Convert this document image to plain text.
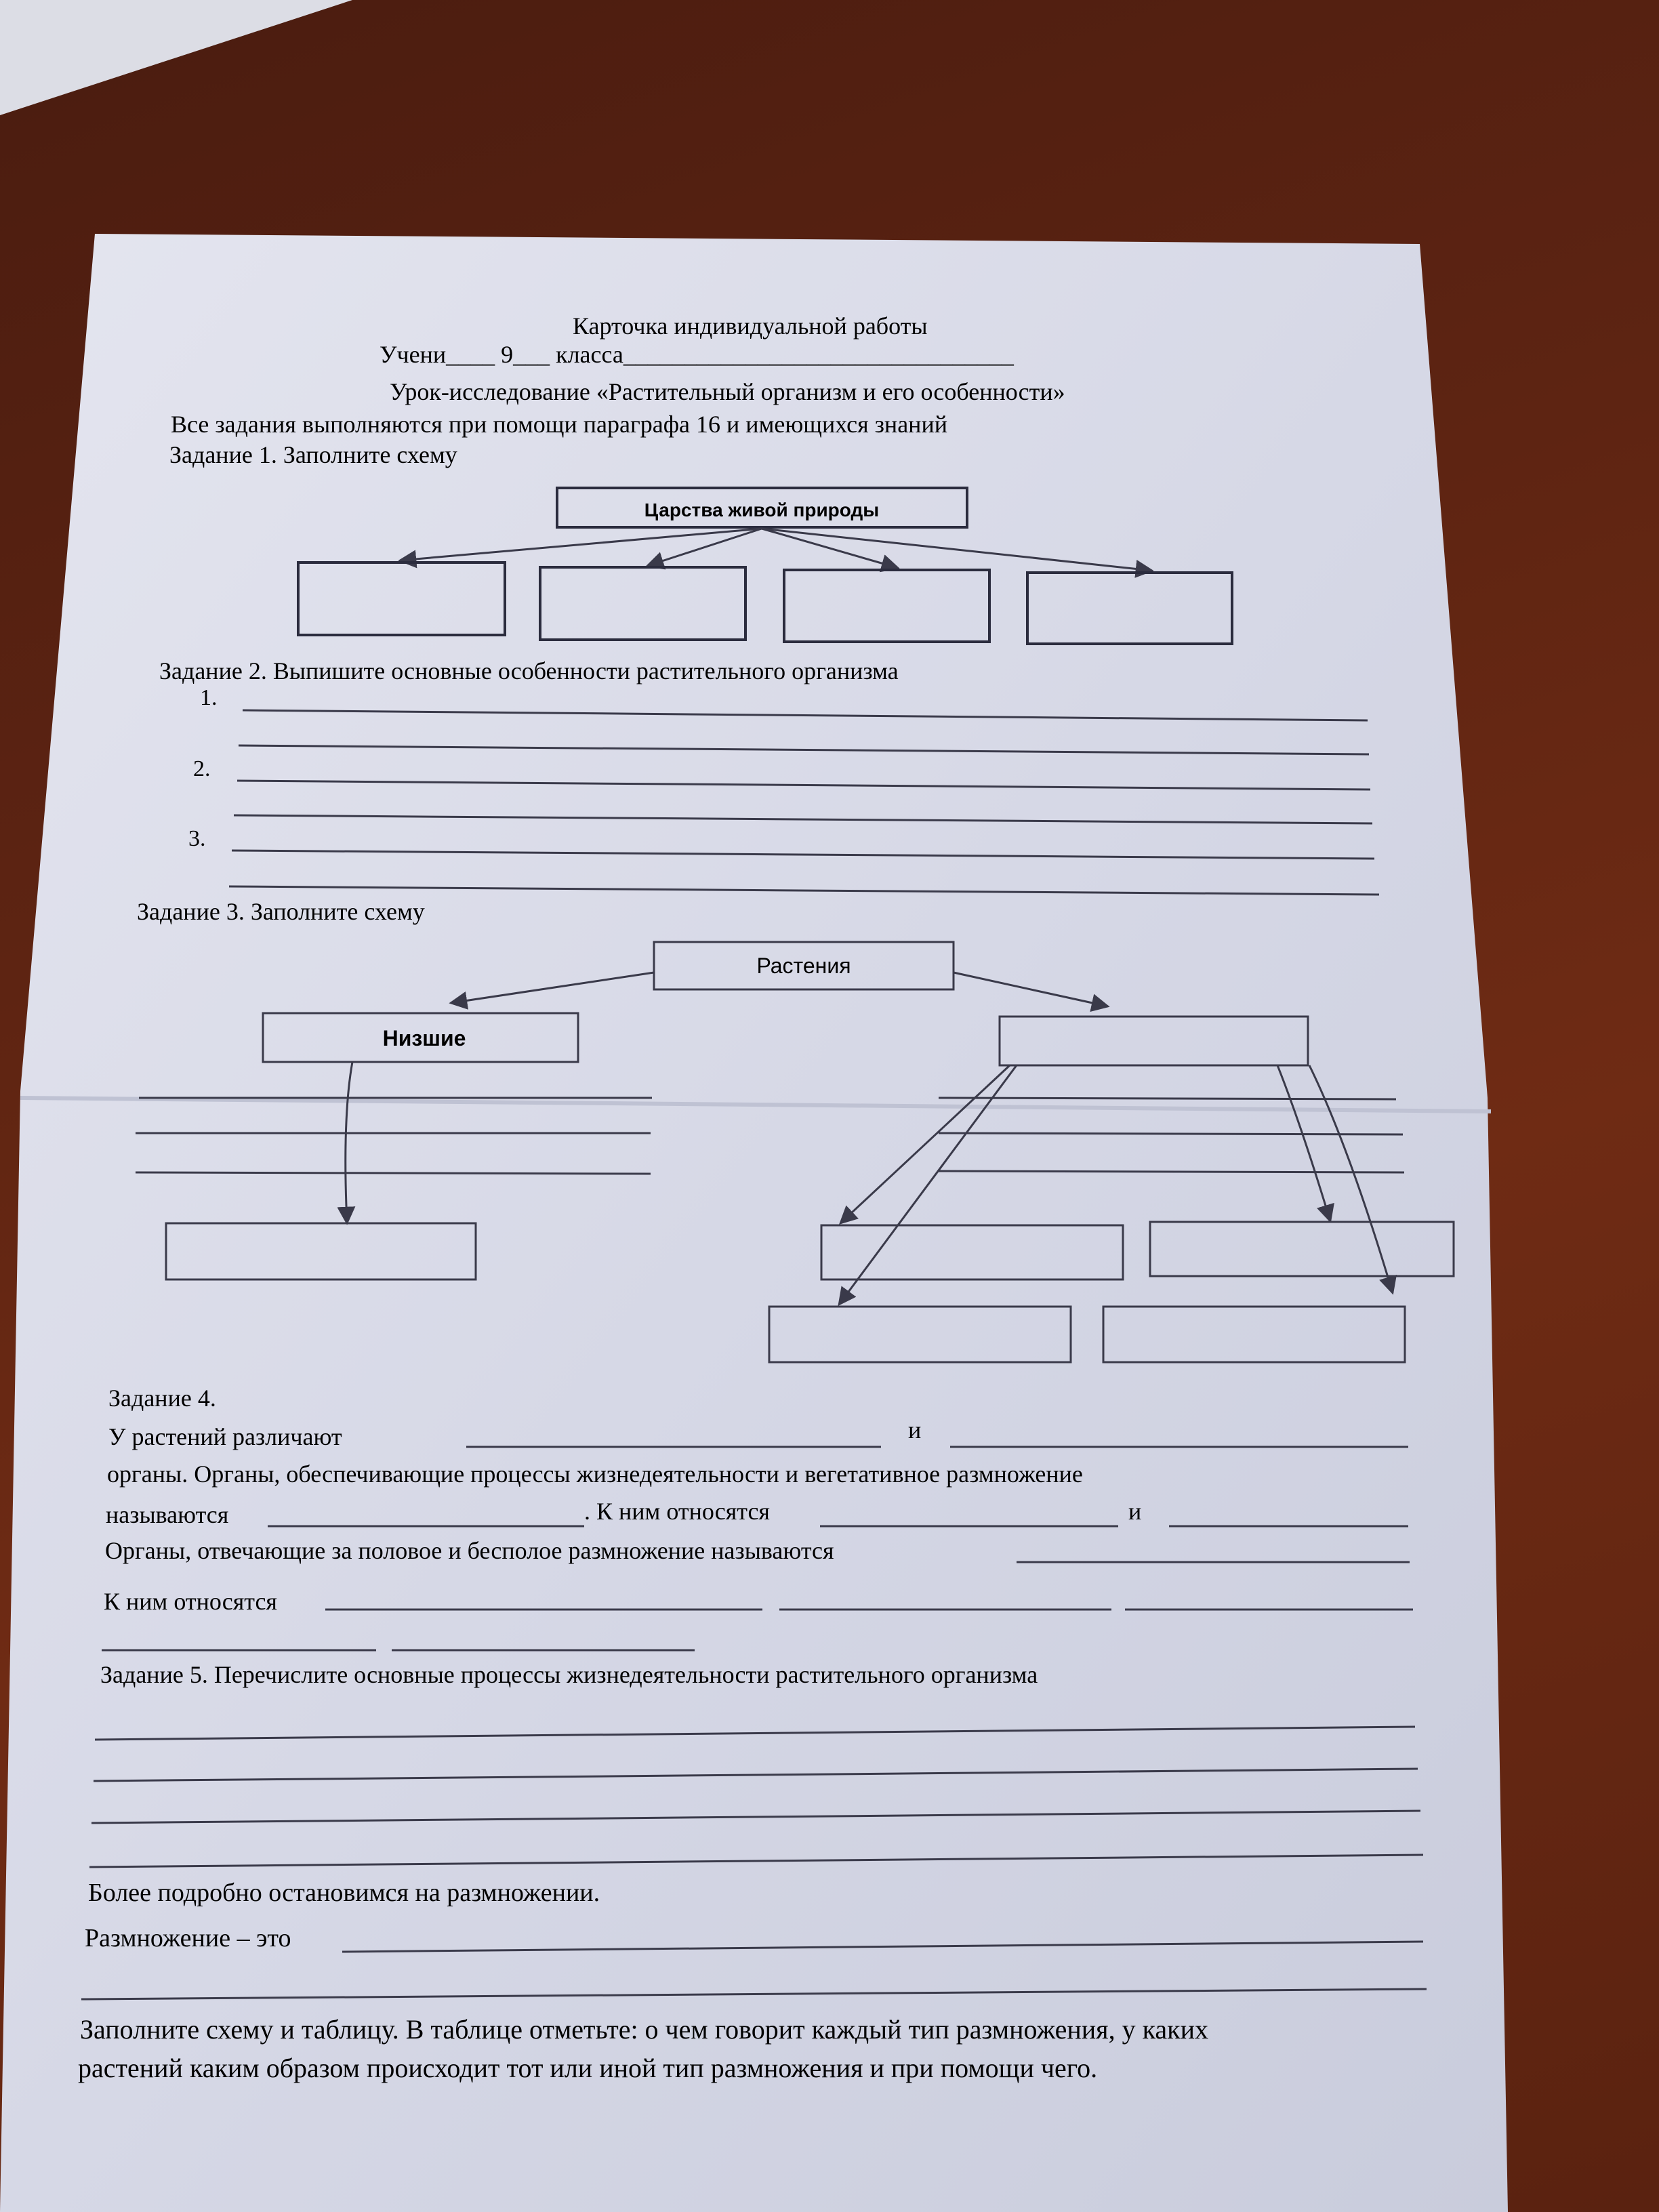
Карточка индивидуальной работы
Учени____ 9___ класса________________________________
Урок-исследование «Растительный организм и его особенности»
Все задания выполняются при помощи параграфа 16 и имеющихся знаний
Задание 1. Заполните схему
Царства живой природы
Задание 2. Выпишите основные особенности растительного организма
1.
2.
3.
Задание 3. Заполните схему
Растения
Низшие
Задание 4.
У растений различают	и
органы. Органы, обеспечивающие процессы жизнедеятельности и вегетативное размножение
называются	. К ним относятся	и
Органы, отвечающие за половое и бесполое размножение называются
К ним относятся
Задание 5. Перечислите основные процессы жизнедеятельности растительного организма
Более подробно остановимся на размножении.
Размножение – это
Заполните схему и таблицу. В таблице отметьте: о чем говорит каждый тип размножения, у каких
растений каким образом происходит тот или иной тип размножения и при помощи чего.
